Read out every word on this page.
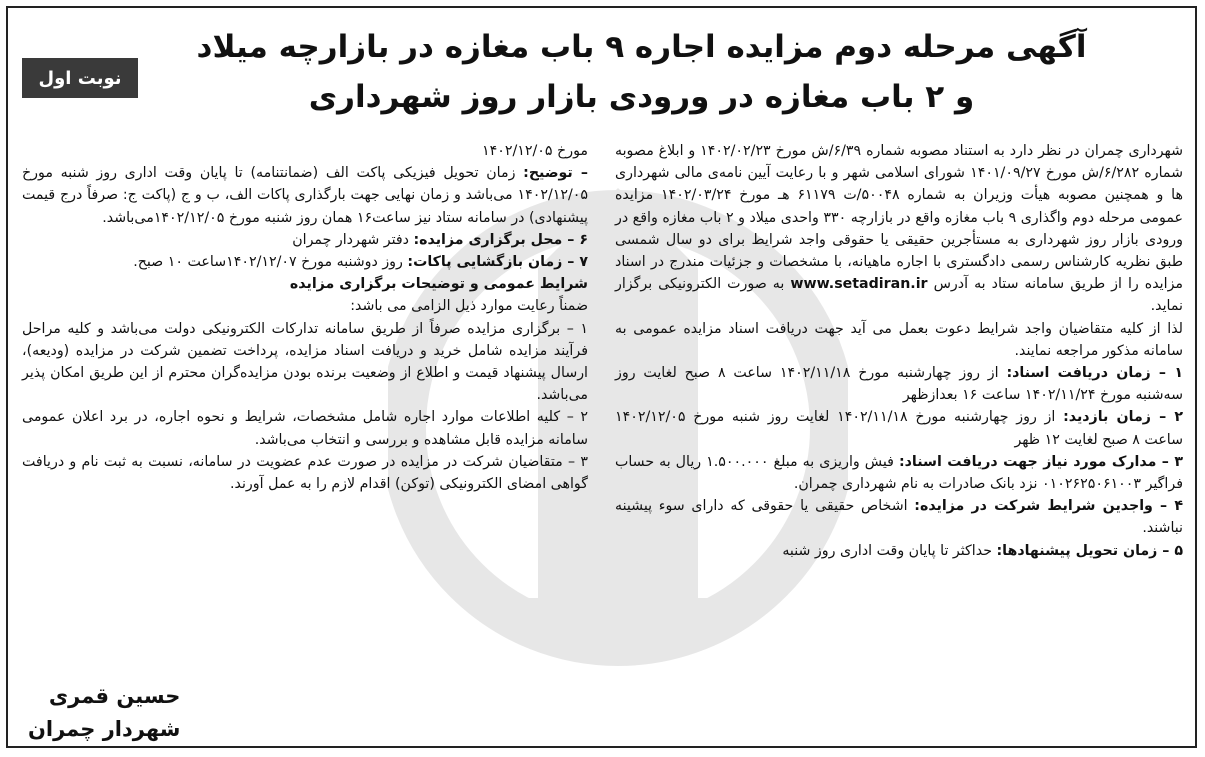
نوبت اول
آگهی مرحله دوم مزایده اجاره ۹ باب مغازه در بازارچه میلاد
و ۲ باب مغازه در ورودی بازار روز شهرداری

شهرداری چمران در نظر دارد به استناد مصوبه شماره ۶/۳۹/ش مورخ ۱۴۰۲/۰۲/۲۳ و ابلاغ مصوبه شماره ۶/۲۸۲/ش مورخ ۱۴۰۱/۰۹/۲۷ شورای اسلامی شهر و با رعایت آیین نامه‌ی مالی شهرداری ها و همچنین مصوبه هیأت وزیران به شماره ۵۰۰۴۸/ت ۶۱۱۷۹ هـ مورخ ۱۴۰۲/۰۳/۲۴ مزایده عمومی مرحله دوم واگذاری ۹ باب مغازه واقع در بازارچه ۳۳۰ واحدی میلاد و ۲ باب مغازه واقع در ورودی بازار روز شهرداری به مستأجرین حقیقی یا حقوقی واجد شرایط برای دو سال شمسی طبق نظریه کارشناس رسمی دادگستری با اجاره ماهیانه، با مشخصات و جزئیات مندرج در اسناد مزایده را از طریق سامانه ستاد به آدرس www.setadiran.ir به صورت الکترونیکی برگزار نماید.

لذا از کلیه متقاضیان واجد شرایط دعوت بعمل می آید جهت دریافت اسناد مزایده عمومی به سامانه مذکور مراجعه نمایند.

۱ – زمان دریافت اسناد: از روز چهارشنبه مورخ ۱۴۰۲/۱۱/۱۸ ساعت ۸ صبح لغایت روز سه‌شنبه مورخ ۱۴۰۲/۱۱/۲۴ ساعت ۱۶ بعدازظهر

۲ – زمان بازدید: از روز چهارشنبه مورخ ۱۴۰۲/۱۱/۱۸ لغایت روز شنبه مورخ ۱۴۰۲/۱۲/۰۵ ساعت ۸ صبح لغایت ۱۲ ظهر

۳ – مدارک مورد نیاز جهت دریافت اسناد: فیش واریزی به مبلغ ۱.۵۰۰.۰۰۰ ریال به حساب فراگیر ۰۱۰۲۶۲۵۰۶۱۰۰۳ نزد بانک صادرات به نام شهرداری چمران.

۴ – واجدین شرایط شرکت در مزایده: اشخاص حقیقی یا حقوقی که دارای سوء پیشینه نباشند.

۵ – زمان تحویل پیشنهادها: حداکثر تا پایان وقت اداری روز شنبه

مورخ ۱۴۰۲/۱۲/۰۵

– توضیح: زمان تحویل فیزیکی پاکت الف (ضمانتنامه) تا پایان وقت اداری روز شنبه مورخ ۱۴۰۲/۱۲/۰۵ می‌باشد و زمان نهایی جهت بارگذاری پاکات الف، ب و ج (پاکت ج: صرفاً درج قیمت پیشنهادی) در سامانه ستاد نیز ساعت۱۶ همان روز شنبه مورخ ۱۴۰۲/۱۲/۰۵می‌باشد.

۶ – محل برگزاری مزایده: دفتر شهردار چمران

۷ – زمان بازگشایی پاکات: روز دوشنبه مورخ ۱۴۰۲/۱۲/۰۷ساعت ۱۰ صبح.

شرایط عمومی و توضیحات برگزاری مزایده

ضمناً رعایت موارد ذیل الزامی می باشد:

۱ – برگزاری مزایده صرفاً از طریق سامانه تدارکات الکترونیکی دولت می‌باشد و کلیه مراحل فرآیند مزایده شامل خرید و دریافت اسناد مزایده، پرداخت تضمین شرکت در مزایده (ودیعه)، ارسال پیشنهاد قیمت و اطلاع از وضعیت برنده بودن مزایده‌گران محترم از این طریق امکان پذیر می‌باشد.

۲ – کلیه اطلاعات موارد اجاره شامل مشخصات، شرایط و نحوه اجاره، در برد اعلان عمومی سامانه مزایده قابل مشاهده و بررسی و انتخاب می‌باشد.

۳ – متقاضیان شرکت در مزایده در صورت عدم عضویت در سامانه، نسبت به ثبت نام و دریافت گواهی امضای الکترونیکی (توکن) اقدام لازم را به عمل آورند.

حسین قمری
شهردار چمران
